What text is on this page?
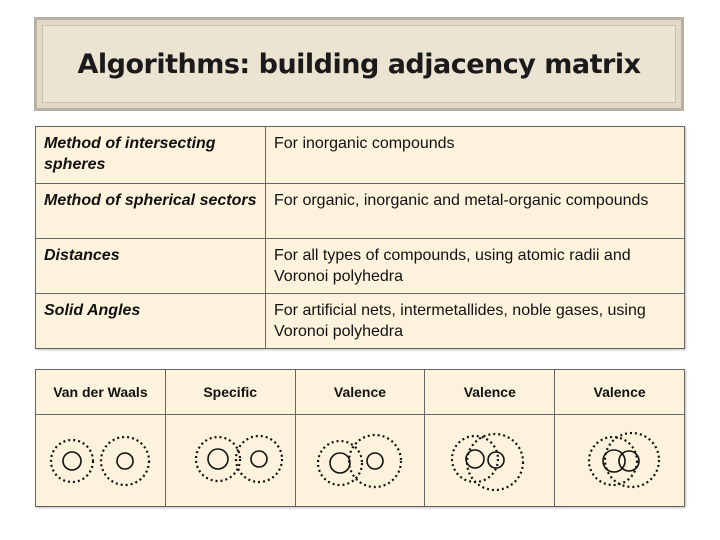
Algorithms: building adjacency matrix
Method of intersecting spheres	For inorganic compounds
Method of spherical sectors	For organic, inorganic and metal-organic compounds
Distances	For all types of compounds, using atomic radii and Voronoi polyhedra
Solid Angles	For artificial nets, intermetallides, noble gases, using Voronoi polyhedra
Van der Waals	Specific	Valence	Valence	Valence
